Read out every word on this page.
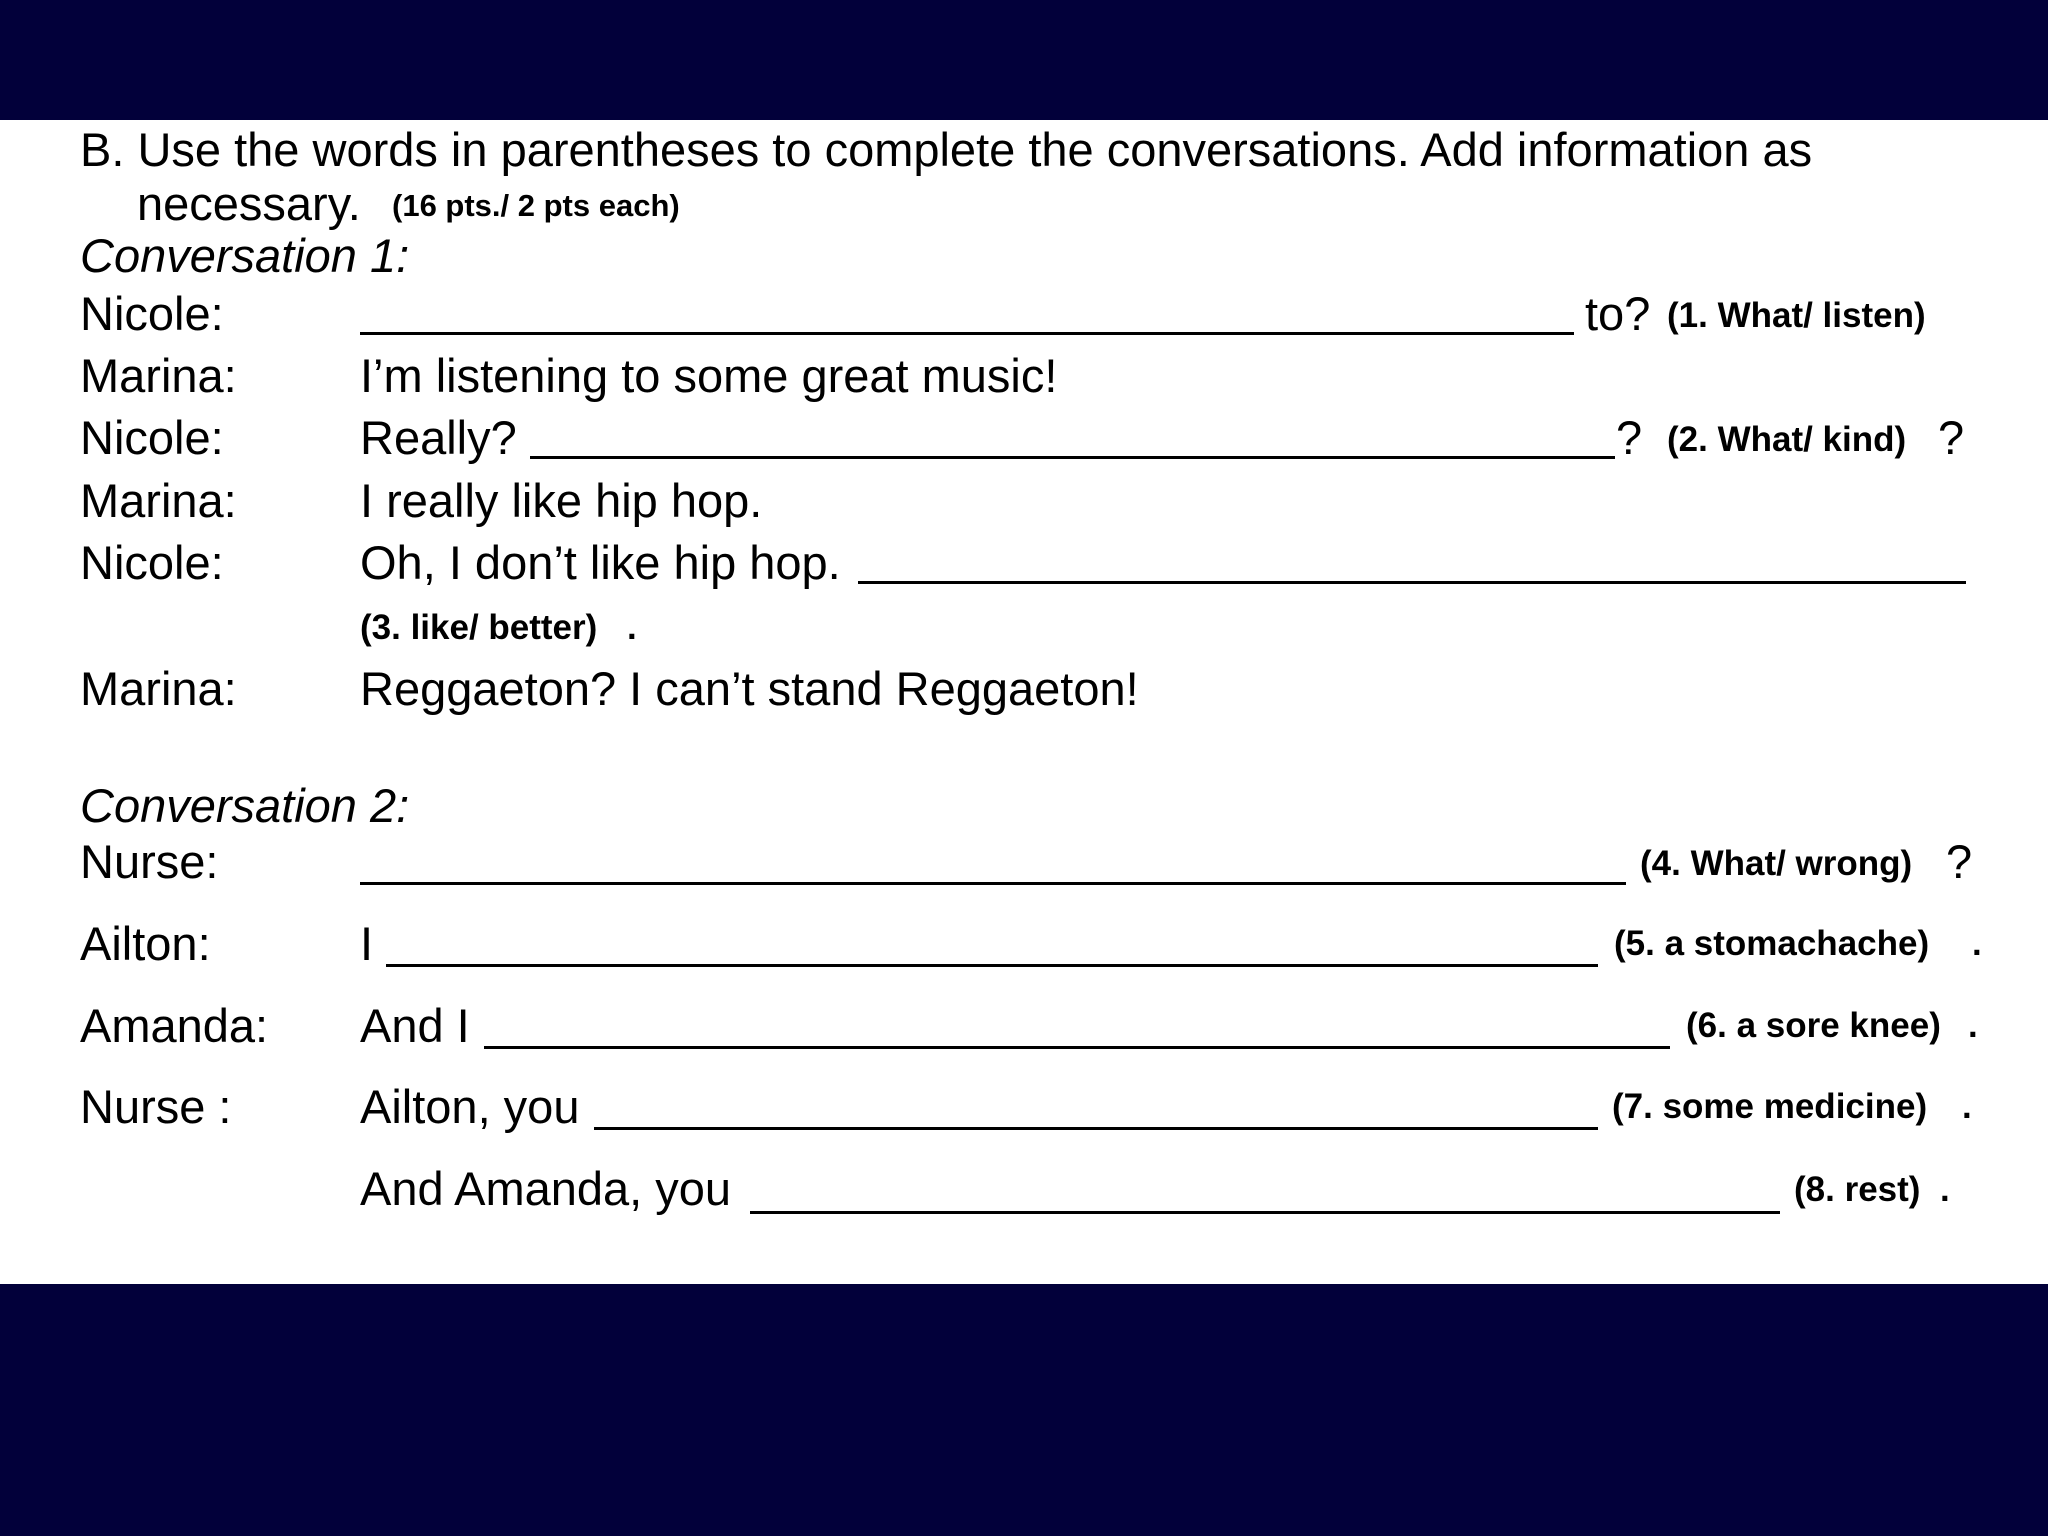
B. Use the words in parentheses to complete the conversations. Add information as
necessary. (16 pts./ 2 pts each)
Conversation 1:
Nicole:	to? (1. What/ listen)
Marina:	I’m listening to some great music!
Nicole:	Really?	? (2. What/ kind) ?
Marina:	I really like hip hop.
Nicole:	Oh, I don’t like hip hop.
(3. like/ better) .
Marina:	Reggaeton? I can’t stand Reggaeton!
Conversation 2:
Nurse:	(4. What/ wrong) ?
Ailton:	I	(5. a stomachache) .
Amanda: And I	(6. a sore knee) .
Nurse :	Ailton, you	(7. some medicine) .
And Amanda, you	(8. rest) .
